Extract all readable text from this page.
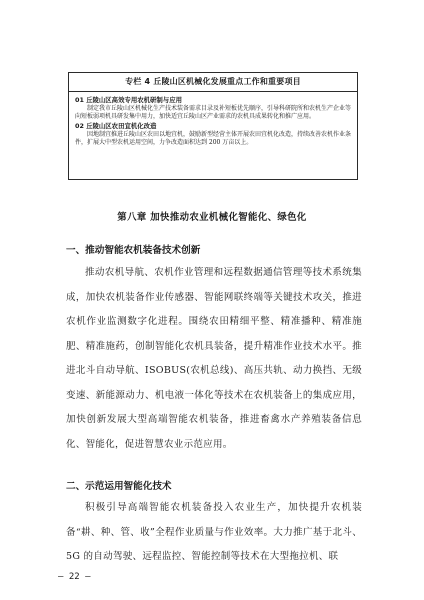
专栏 4 丘陵山区机械化发展重点工作和重要项目
01 丘陵山区高效专用农机研制与应用

制定我市丘陵山区机械化生产技术装备需求目录及补短板优先顺序，引导科研院所和农机生产企业等向短板弱项机具研发集中用力，加快适宜丘陵山区产业需求的农机具成果转化和推广应用。

02 丘陵山区农田宜机化改造

因地制宜推进丘陵山区农田以地宜机，鼓励新型经营主体开展农田宜机化改造，持续改善农机作业条件，扩展大中型农机运用空间，力争改造面积达到 200 万亩以上。

第八章 加快推动农业机械化智能化、绿色化
一、推动智能农机装备技术创新

推动农机导航、农机作业管理和远程数据通信管理等技术系统集成，加快农机装备作业传感器、智能网联终端等关键技术攻关，推进农机作业监测数字化进程。围绕农田精细平整、精准播种、精准施肥、精准施药，创制智能化农机具装备，提升精准作业技术水平。推进北斗自动导航、ISOBUS(农机总线)、高压共轨、动力换挡、无级变速、新能源动力、机电液一体化等技术在农机装备上的集成应用，加快创新发展大型高端智能农机装备，推进畜禽水产养殖装备信息化、智能化，促进智慧农业示范应用。

二、示范运用智能化技术

积极引导高端智能农机装备投入农业生产，加快提升农机装备“耕、种、管、收”全程作业质量与作业效率。大力推广基于北斗、5G 的自动驾驶、远程监控、智能控制等技术在大型拖拉机、联

— 22 —
